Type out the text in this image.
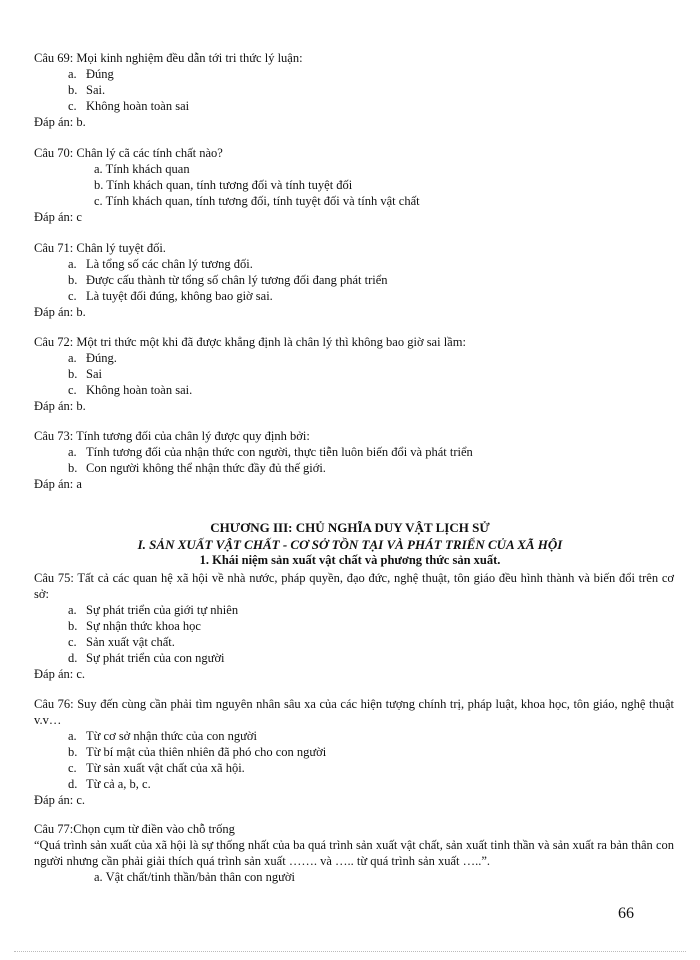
Câu 69: Mọi kinh nghiệm đều dẫn tới tri thức lý luận:
a. Đúng
b. Sai.
c. Không hoàn toàn sai
Đáp án: b.
Câu 70: Chân lý cã các tính chất nào?
a. Tính khách quan
b. Tính khách quan, tính tương đối và tính tuyệt đối
c. Tính khách quan, tính tương đối, tính tuyệt đối và tính vật chất
Đáp án: c
Câu 71: Chân lý tuyệt đối.
a. Là tổng số các chân lý tương đối.
b. Được cấu thành từ tổng số chân lý tương đối đang phát triển
c. Là tuyệt đối đúng, không bao giờ sai.
Đáp án: b.
Câu 72: Một tri thức một khi đã được khẳng định là chân lý thì không bao giờ sai lầm:
a. Đúng.
b. Sai
c. Không hoàn toàn sai.
Đáp án: b.
Câu 73: Tính tương đối của chân lý được quy định bởi:
a. Tính tương đối của nhận thức con người, thực tiễn luôn biến đổi và phát triển
b. Con người không thể nhận thức đầy đủ thế giới.
Đáp án: a
CHƯƠNG III: CHỦ NGHĨA DUY VẬT LỊCH SỬ
I. SẢN XUẤT VẬT CHẤT - CƠ SỞ TỒN TẠI VÀ PHÁT TRIỂN CỦA XÃ HỘI
1. Khái niệm sản xuất vật chất và phương thức sản xuất.
Câu 75: Tất cả các quan hệ xã hội về nhà nước, pháp quyền, đạo đức, nghệ thuật, tôn giáo đều hình thành và biến đổi trên cơ sở:
a. Sự phát triển của giới tự nhiên
b. Sự nhận thức khoa học
c. Sản xuất vật chất.
d. Sự phát triển của con người
Đáp án: c.
Câu 76: Suy đến cùng cần phải tìm nguyên nhân sâu xa của các hiện tượng chính trị, pháp luật, khoa học, tôn giáo, nghệ thuật v.v…
a. Từ cơ sở nhận thức của con người
b. Từ bí mật của thiên nhiên đã phó cho con người
c. Từ sản xuất vật chất của xã hội.
d. Từ cả a, b, c.
Đáp án: c.
Câu 77:Chọn cụm từ điền vào chỗ trống
“Quá trình sản xuất của xã hội là sự thống nhất của ba quá trình sản xuất vật chất, sản xuất tinh thần và sản xuất ra bản thân con người nhưng cần phải giải thích quá trình sản xuất ……. và ….. từ quá trình sản xuất …..”.
a. Vật chất/tinh thần/bản thân con người
66
